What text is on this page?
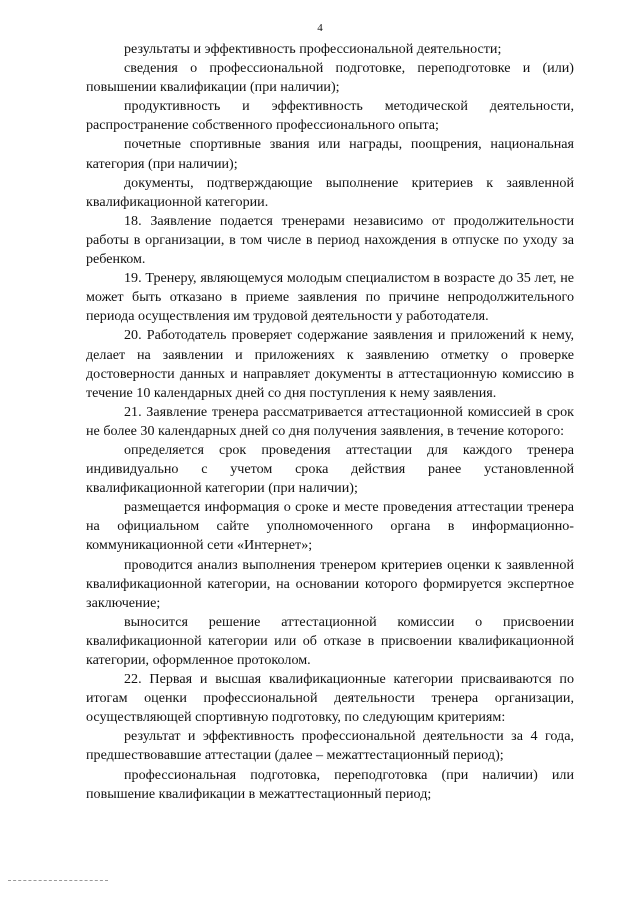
4

результаты и эффективность профессиональной деятельности;

сведения о профессиональной подготовке, переподготовке и (или) повышении квалификации (при наличии);

продуктивность и эффективность методической деятельности, распространение собственного профессионального опыта;

почетные спортивные звания или награды, поощрения, национальная категория (при наличии);

документы, подтверждающие выполнение критериев к заявленной квалификационной категории.

18. Заявление подается тренерами независимо от продолжительности работы в организации, в том числе в период нахождения в отпуске по уходу за ребенком.

19. Тренеру, являющемуся молодым специалистом в возрасте до 35 лет, не может быть отказано в приеме заявления по причине непродолжительного периода осуществления им трудовой деятельности у работодателя.

20. Работодатель проверяет содержание заявления и приложений к нему, делает на заявлении и приложениях к заявлению отметку о проверке достоверности данных и направляет документы в аттестационную комиссию в течение 10 календарных дней со дня поступления к нему заявления.

21. Заявление тренера рассматривается аттестационной комиссией в срок не более 30 календарных дней со дня получения заявления, в течение которого:

определяется срок проведения аттестации для каждого тренера индивидуально с учетом срока действия ранее установленной квалификационной категории (при наличии);

размещается информация о сроке и месте проведения аттестации тренера на официальном сайте уполномоченного органа в информационно-коммуникационной сети «Интернет»;

проводится анализ выполнения тренером критериев оценки к заявленной квалификационной категории, на основании которого формируется экспертное заключение;

выносится решение аттестационной комиссии о присвоении квалификационной категории или об отказе в присвоении квалификационной категории, оформленное протоколом.

22. Первая и высшая квалификационные категории присваиваются по итогам оценки профессиональной деятельности тренера организации, осуществляющей спортивную подготовку, по следующим критериям:

результат и эффективность профессиональной деятельности за 4 года, предшествовавшие аттестации (далее – межаттестационный период);

профессиональная подготовка, переподготовка (при наличии) или повышение квалификации в межаттестационный период;
